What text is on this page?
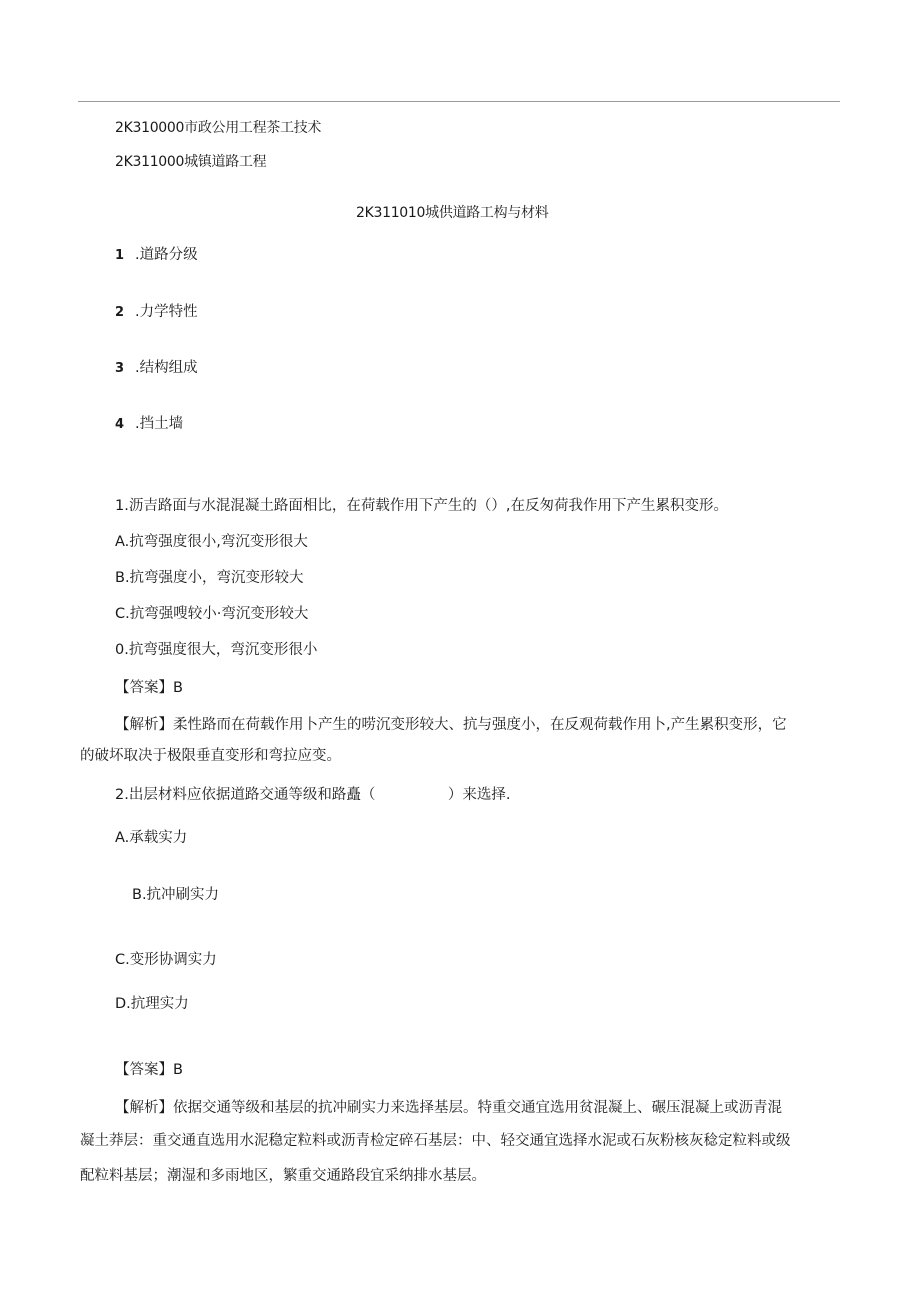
2K310000市政公用工程茶工技术
2K311000城镇道路工程
2K311010城供道路工构与材料
1 .道路分级
2 .力学特性
3 .结构组成
4 .挡土墙
1.沥吉路面与水混混凝土路面相比，在荷载作用下产生的（）,在反匆荷我作用下产生累积变形。
A.抗弯强度很小,弯沉变形很大
B.抗弯强度小，弯沉变形较大
C.抗弯强嗖较小·弯沉变形较大
0.抗弯强度很大，弯沉变形很小
【答案】B
【解析】柔性路而在荷载作用卜产生的唠沉变形较大、抗与强度小，在反观荷载作用卜,产生累积变形，它
的破坏取决于极限垂直变形和弯拉应变。
2.岀层材料应依据道路交通等级和路矗（　　　　　）来选择.
A.承载实力
B.抗冲刷实力
C.变形协调实力
D.抗理实力
【答案】B
【解析】依据交通等级和基层的抗冲刷实力来选择基层。特重交通宜选用贫混凝上、碾压混凝上或沥青混
凝土莽层：重交通直选用水泥稳定粒料或沥青检定碎石基层：中、轻交通宜选择水泥或石灰粉核灰稔定粒料或级
配粒料基层；潮湿和多雨地区，繁重交通路段宜采纳排水基层。
